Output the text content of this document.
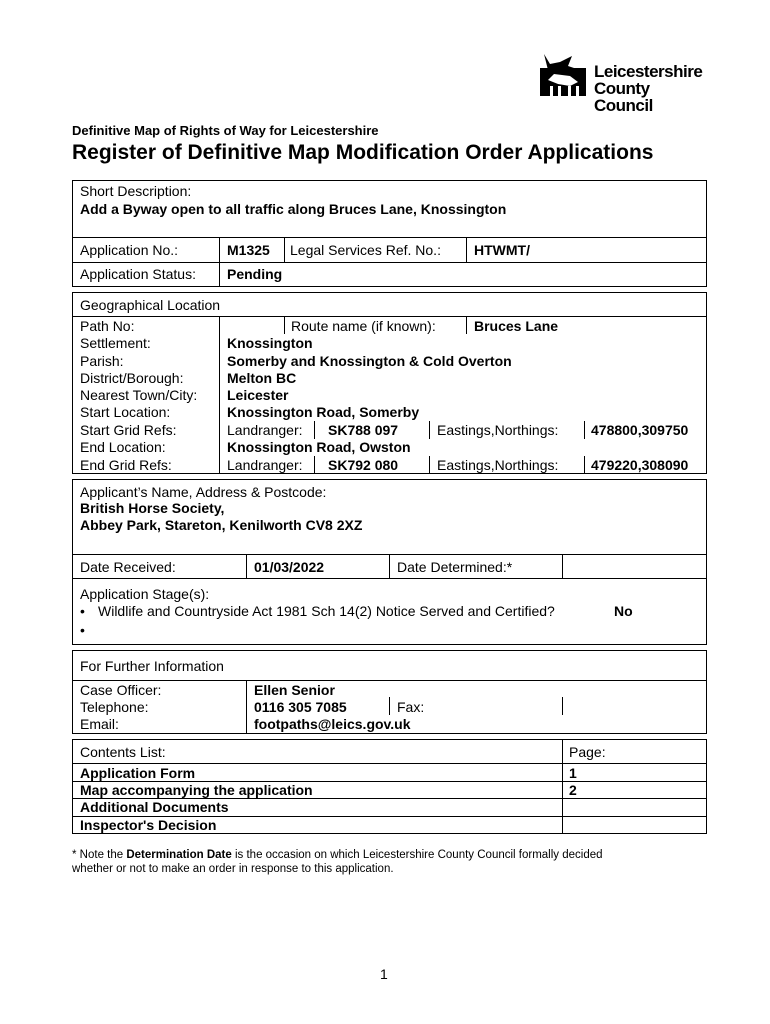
Leicestershire
County Council
Definitive Map of Rights of Way for Leicestershire
Register of Definitive Map Modification Order Applications
Short Description:
Add a Byway open to all traffic along Bruces Lane, Knossington
Application No.:	M1325 Legal Services Ref. No.: HTWMT/
Application Status: Pending
Geographical Location
Path No:	Route name (if known):	Bruces Lane
Settlement:	Knossington
Parish:	Somerby and Knossington & Cold Overton
District/Borough:	Melton BC
Nearest Town/City: Leicester
Start Location:	Knossington Road, Somerby
Start Grid Refs:	Landranger: SK788 097	Eastings,Northings: 478800,309750
End Location:	Knossington Road, Owston
End Grid Refs:	Landranger: SK792 080	Eastings,Northings: 479220,308090
Applicant’s Name, Address & Postcode:
British Horse Society,
Abbey Park, Stareton, Kenilworth CV8 2XZ
Date Received:	01/03/2022	Date Determined:*
Application Stage(s):
• Wildlife and Countryside Act 1981 Sch 14(2) Notice Served and Certified?	No
•
For Further Information
Case Officer:	Ellen Senior
Telephone:	0116 305 7085	Fax:
Email:	footpaths@leics.gov.uk
Contents List:	Page:
Application Form	1
Map accompanying the application	2
Additional Documents
Inspector's Decision
* Note the Determination Date is the occasion on which Leicestershire County Council formally decided
whether or not to make an order in response to this application.
1
